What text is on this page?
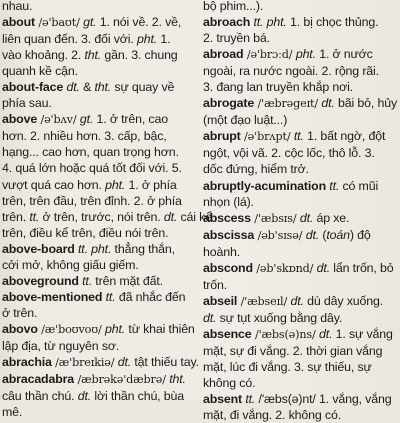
nhau.
about /ə'baʊt/ gt. 1. nói về. 2. về,
liên quan đến. 3. đối với. pht. 1.
vào khoảng. 2. tht. gần. 3. chung
quanh kề cận.
about-face dt. & tht. sự quay về
phía sau.
above /ə'bʌv/ gt. 1. ở trên, cao
hơn. 2. nhiều hơn. 3. cấp, bậc,
hạng... cao hơn, quan trọng hơn.
4. quá lớn hoặc quá tốt đối với. 5.
vượt quá cao hơn. pht. 1. ở phía
trên, trên đầu, trên đỉnh. 2. ở phía
trên. tt. ở trên, trước, nói trên. dt. cái kể
trên, điều kể trên, điều nói trên.
above-board tt. pht. thẳng thắn,
cởi mở, không giấu giếm.
aboveground tt. trên mặt đất.
above-mentioned tt. đã nhắc đến
ở trên.
abovo /æ'boʊvoʊ/ pht. từ khai thiên
lập địa, từ nguyên sơ.
abrachia /æ'breɪkiə/ dt. tật thiếu tay.
abracadabra /æbrəkə'dæbrə/ tht.
câu thần chú. dt. lời thần chú, bùa
mê.
bộ phim...).
abroach tt. pht. 1. bị chọc thủng.
2. truyền bá.
abroad /ə'brɔːd/ pht. 1. ở nước
ngoài, ra nước ngoài. 2. rộng rãi.
3. đang lan truyền khắp nơi.
abrogate /'æbrəgeɪt/ dt. bãi bỏ, hủy
(một đạo luật...)
abrupt /ə'brʌpt/ tt. 1. bất ngờ, đột
ngột, vội vã. 2. cộc lốc, thô lỗ. 3.
dốc đứng, hiểm trở.
abruptly-acumination tt. có mũi
nhọn (lá).
abscess /'æbsɪs/ dt. áp xe.
abscissa /əb'sɪsə/ dt. (toán) độ
hoành.
abscond /əb'skɒnd/ dt. lẩn trốn, bỏ
trốn.
abseil /'æbseɪl/ dt. dù dây xuống.
dt. sự tụt xuống bằng dây.
absence /'æbs(ə)ns/ dt. 1. sự vắng
mặt, sự đi vắng. 2. thời gian vắng
mặt, lúc đi vắng. 3. sự thiếu, sự
không có.
absent tt. /'æbs(ə)nt/ 1. vắng, vắng
mặt, đi vắng. 2. không có.
